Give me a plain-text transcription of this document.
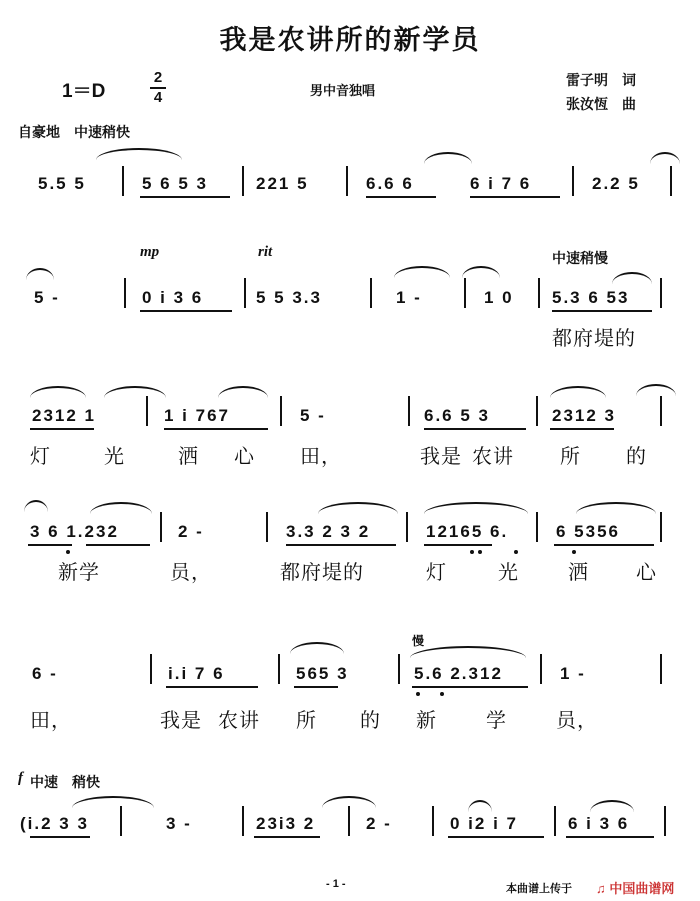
我是农讲所的新学员
1＝D
2
4	男中音独唱
雷子明　词
张汝恆　曲
自豪地　中速稍快
5.5 5	5 6 5 3	221 5	6.6 6	6 i 7 6	2.2 5
mp	rit	中速稍慢
5 -	0 i 3 6	5 5 3.3	1 -	1 0 5.3 6 53
都府堤的
2312 1	1 i 767	5 -	6.6 5 3	2312 3
灯	光	洒 心 田，	我是 农讲 所 的
3 6 1.232	2 -	3.3 2 3 2	12165 6.	6 5356
新学	员，	都府堤的	灯	光 洒 心
慢
6 -	i.i 7 6	565 3	5.6 2.312	1 -
田，	我是 农讲 所 的 新 学 员，
f 中速　稍快
(i.2 3 3	3 -	23i3 2	2 -	0 i2 i 7	6 i 3 6
- 1 -	本曲谱上传于 ♫ 中国曲谱网
